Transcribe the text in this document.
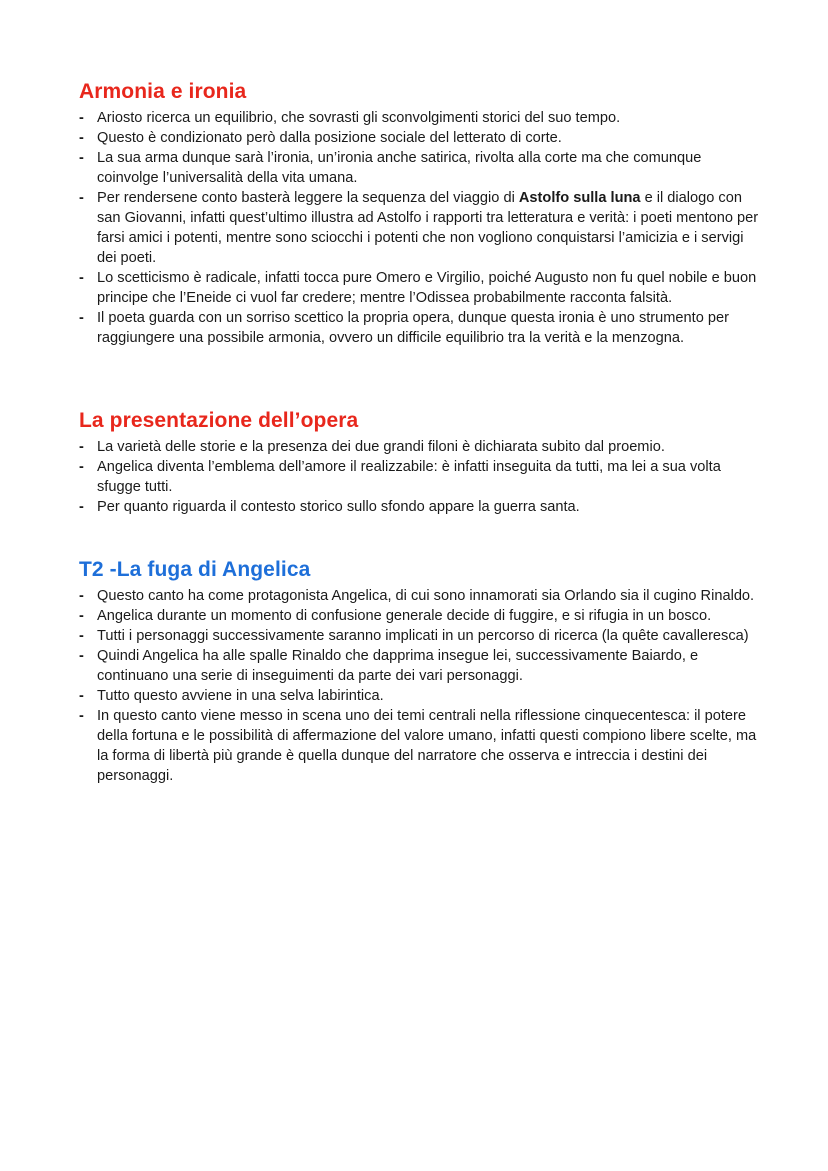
Armonia e ironia
- Ariosto ricerca un equilibrio, che sovrasti gli sconvolgimenti storici del suo tempo.
- Questo è condizionato però dalla posizione sociale del letterato di corte.
- La sua arma dunque sarà l’ironia, un’ironia anche satirica, rivolta alla corte ma che comunque coinvolge l’universalità della vita umana.
- Per rendersene conto basterà leggere la sequenza del viaggio di Astolfo sulla luna e il dialogo con san Giovanni, infatti quest’ultimo illustra ad Astolfo i rapporti tra letteratura e verità: i poeti mentono per farsi amici i potenti, mentre sono sciocchi i potenti che non vogliono conquistarsi l’amicizia e i servigi dei poeti.
- Lo scetticismo è radicale, infatti tocca pure Omero e Virgilio, poiché Augusto non fu quel nobile e buon principe che l’Eneide ci vuol far credere; mentre l’Odissea probabilmente racconta falsità.
- Il poeta guarda con un sorriso scettico la propria opera, dunque questa ironia è uno strumento per raggiungere una possibile armonia, ovvero un difficile equilibrio tra la verità e la menzogna.
La presentazione dell’opera
- La varietà delle storie e la presenza dei due grandi filoni è dichiarata subito dal proemio.
- Angelica diventa l’emblema dell’amore il realizzabile: è infatti inseguita da tutti, ma lei a sua volta sfugge tutti.
- Per quanto riguarda il contesto storico sullo sfondo appare la guerra santa.
T2 -La fuga di Angelica
- Questo canto ha come protagonista Angelica, di cui sono innamorati sia Orlando sia il cugino Rinaldo.
- Angelica durante un momento di confusione generale decide di fuggire, e si rifugia in un bosco.
- Tutti i personaggi successivamente saranno implicati in un percorso di ricerca (la quête cavalleresca)
- Quindi Angelica ha alle spalle Rinaldo che dapprima insegue lei, successivamente Baiardo, e continuano una serie di inseguimenti da parte dei vari personaggi.
- Tutto questo avviene in una selva labirintica.
- In questo canto viene messo in scena uno dei temi centrali nella riflessione cinquecentesca: il potere della fortuna e le possibilità di affermazione del valore umano, infatti questi compiono libere scelte, ma la forma di libertà più grande è quella dunque del narratore che osserva e intreccia i destini dei personaggi.
